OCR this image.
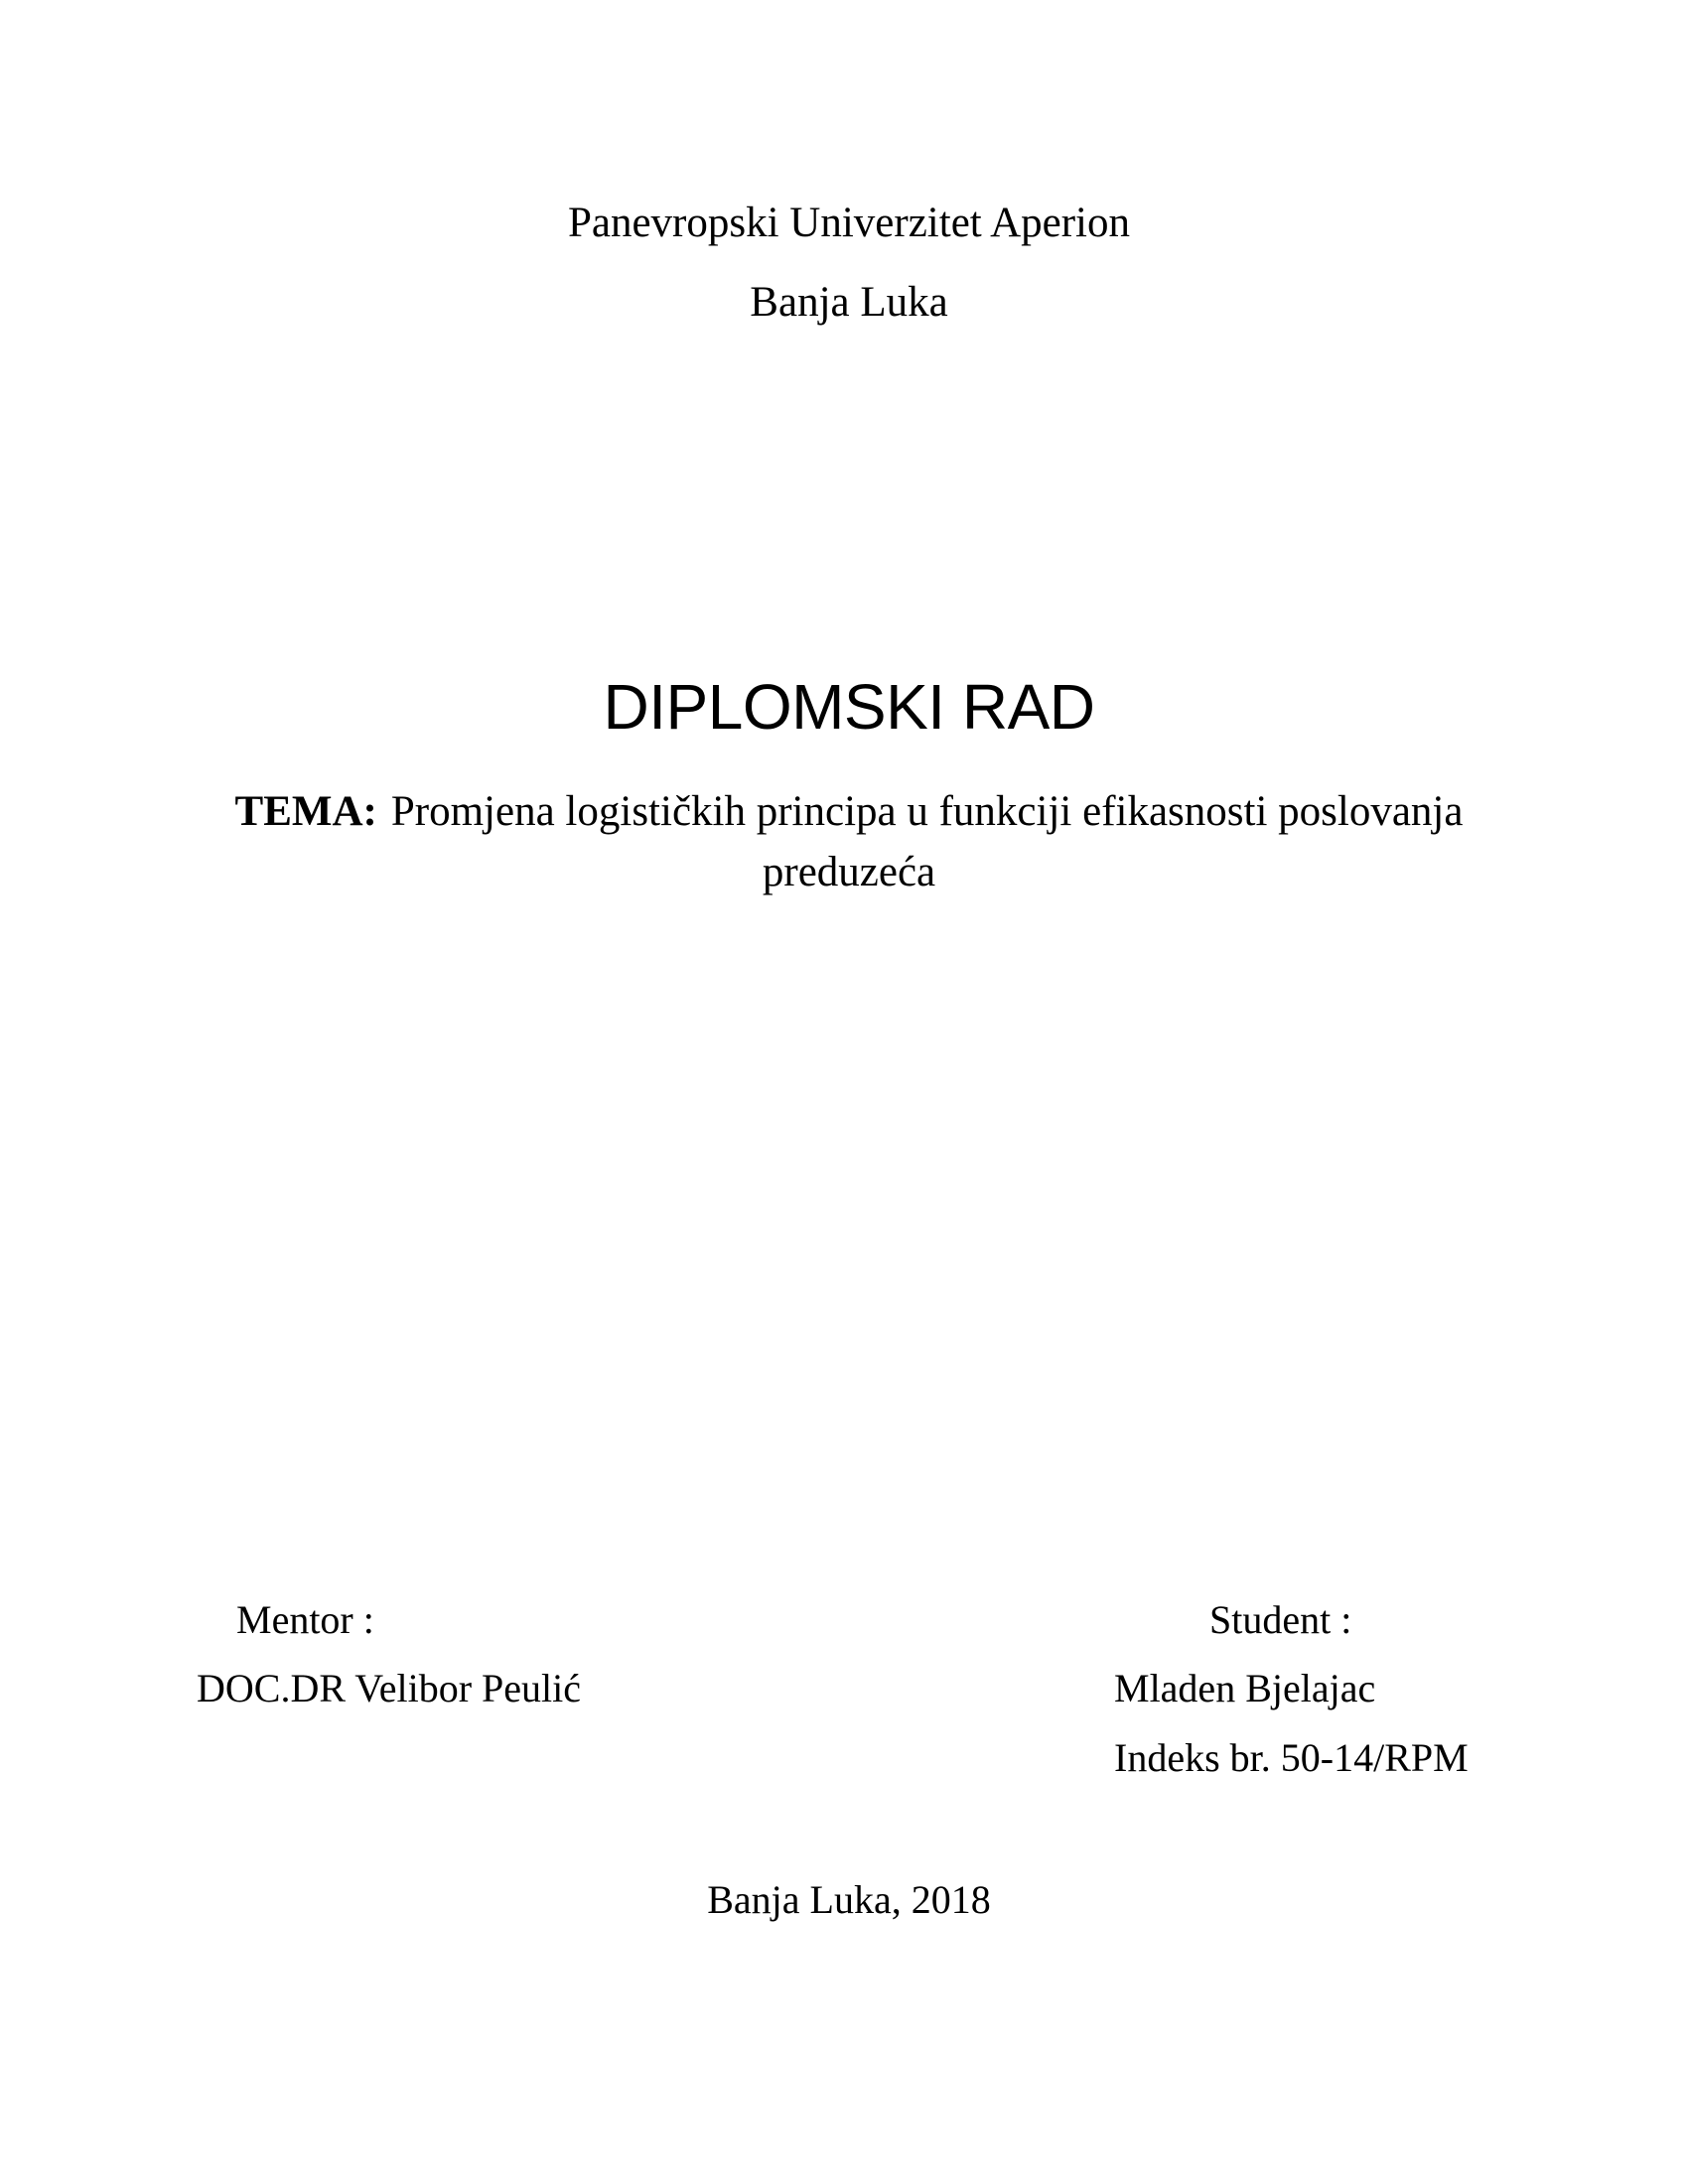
Panevropski Univerzitet Aperion
Banja Luka
DIPLOMSKI RAD
TEMA: Promjena logističkih principa u funkciji efikasnosti poslovanja
preduzeća
Mentor :
DOC.DR Velibor Peulić
Student :
Mladen Bjelajac
Indeks br. 50-14/RPM
Banja Luka, 2018
